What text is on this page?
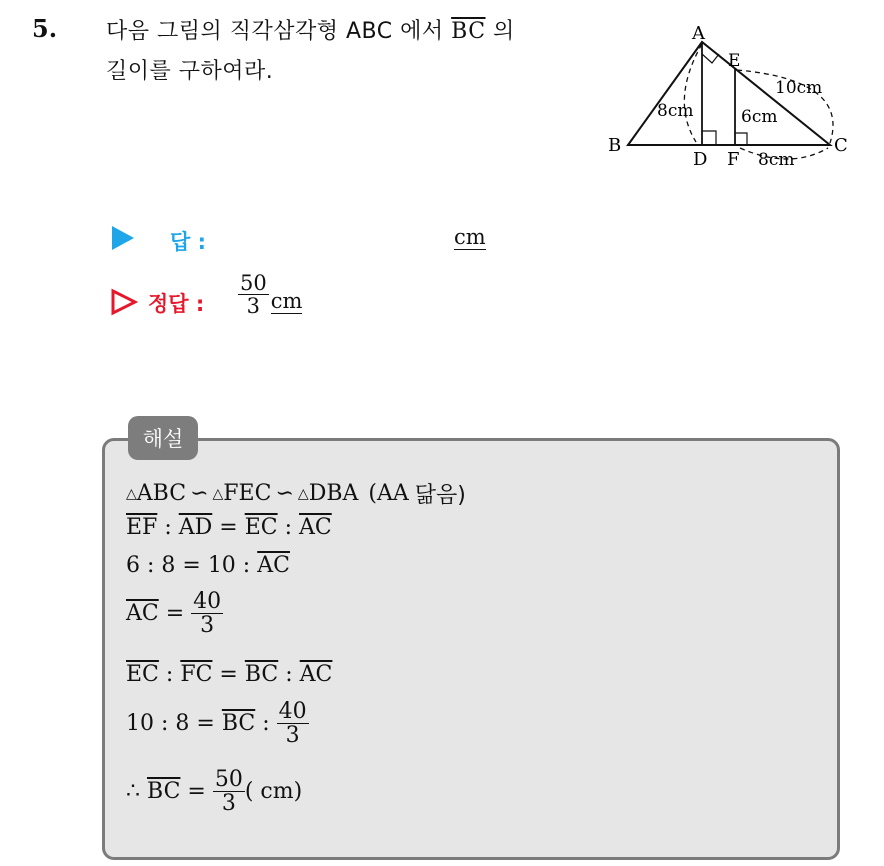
5. 다음 그림의 직각삼각형 ABC 에서 $\overline{BC}$ 의
길이를 구하여라.
A
B	C
D
E
F
8cm	6cm
10cm
8cm
답 :	cm
정답 : $\frac{50}{3}$ cm
해설
△ ABC ∽ △ FEC ∽ △ DBA (AA 닮음)
$\overline{EF}$ : $\overline{AD} = \overline{EC}$ : $\overline{AC}$
6 : 8 = 10 :
$\overline{AC}$
$\overline{AC} = \frac{40}{3}$
$\overline{EC}$ : $\overline{FC} = \overline{BC}$ : $\overline{AC}$
10 : 8 =
$\overline{BC}$ : $\frac{40}{3}$
∴
$\overline{BC} = \frac{50}{3}$ ( cm)
